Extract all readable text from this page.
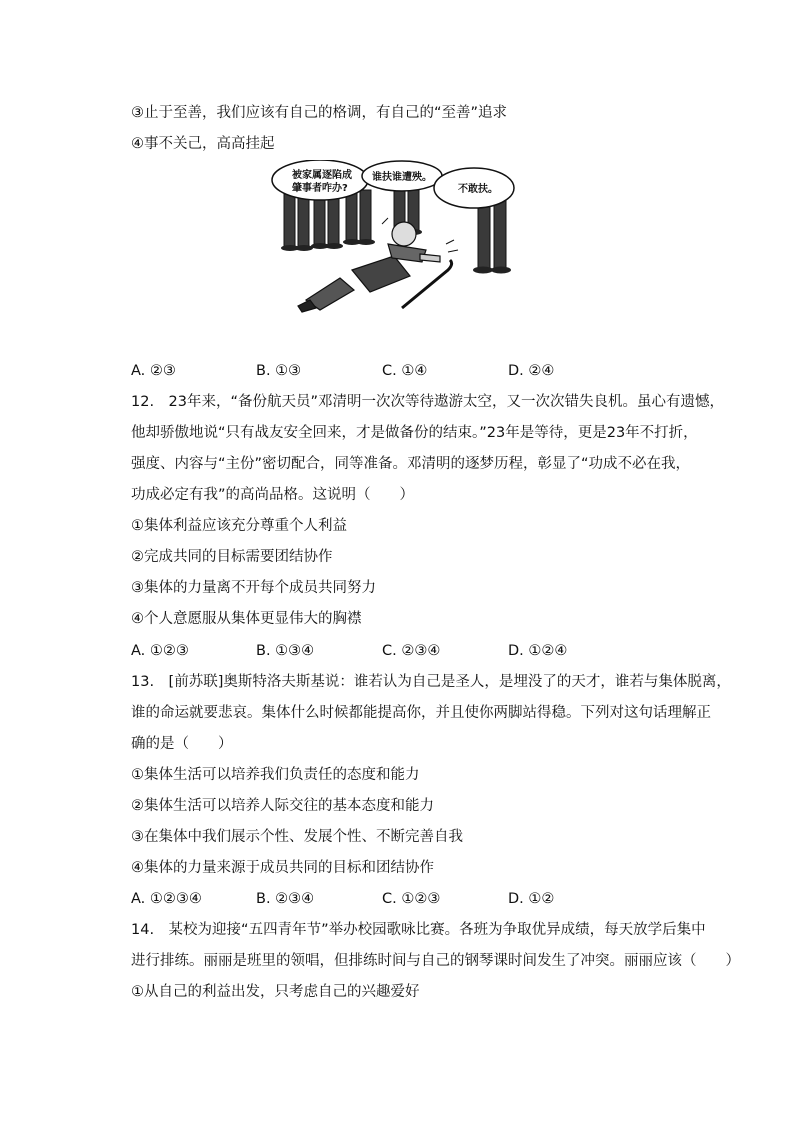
③止于至善，我们应该有自己的格调，有自己的“至善”追求
④事不关己，高高挂起
被家属逐陷成
肇事者咋办?
谁扶谁遭殃。
不敢扶。
A. ②③	B. ①③	C. ①④	D. ②④
12.　23年来，“备份航天员”邓清明一次次等待遨游太空，又一次次错失良机。虽心有遗憾，
他却骄傲地说“只有战友安全回来，才是做备份的结束。”23年是等待，更是23年不打折，
强度、内容与“主份”密切配合，同等准备。邓清明的逐梦历程，彰显了“功成不必在我，
功成必定有我”的高尚品格。这说明（　　）
①集体利益应该充分尊重个人利益
②完成共同的目标需要团结协作
③集体的力量离不开每个成员共同努力
④个人意愿服从集体更显伟大的胸襟
A. ①②③	B. ①③④	C. ②③④	D. ①②④
13.　[前苏联]奥斯特洛夫斯基说：谁若认为自己是圣人，是埋没了的天才，谁若与集体脱离，
谁的命运就要悲哀。集体什么时候都能提高你，并且使你两脚站得稳。下列对这句话理解正
确的是（　　）
①集体生活可以培养我们负责任的态度和能力
②集体生活可以培养人际交往的基本态度和能力
③在集体中我们展示个性、发展个性、不断完善自我
④集体的力量来源于成员共同的目标和团结协作
A. ①②③④	B. ②③④	C. ①②③	D. ①②
14.　某校为迎接“五四青年节”举办校园歌咏比赛。各班为争取优异成绩，每天放学后集中
进行排练。丽丽是班里的领唱，但排练时间与自己的钢琴课时间发生了冲突。丽丽应该（　　）
①从自己的利益出发，只考虑自己的兴趣爱好
